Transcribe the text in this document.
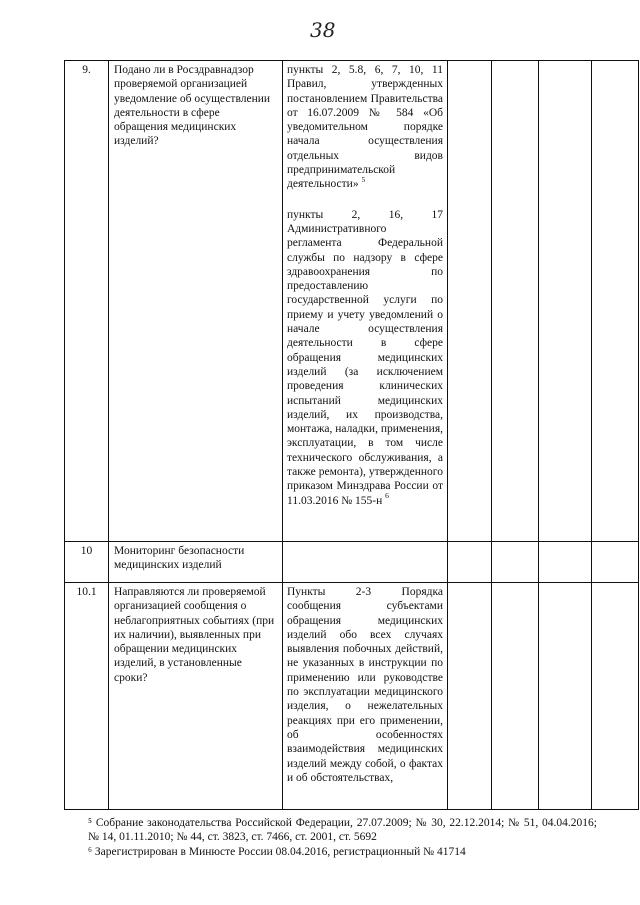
38
9.	Подано ли в Росздравнадзор проверяемой организацией уведомление об осуществлении деятельности в сфере обращения медицинских изделий?	пункты 2, 5.8, 6, 7, 10, 11 Правил, утвержденных постановлением Правительства от 16.07.2009 № 584 «Об уведомительном порядке начала осуществления отдельных видов предпринимательской деятельности» $^5$

пункты 2, 16, 17 Административного регламента Федеральной службы по надзору в сфере здравоохранения по предоставлению государственной услуги по приему и учету уведомлений о начале осуществления деятельности в сфере обращения медицинских изделий (за исключением проведения клинических испытаний медицинских изделий, их производства, монтажа, наладки, применения, эксплуатации, в том числе технического обслуживания, а также ремонта), утвержденного приказом Минздрава России от 11.03.2016 № 155-н $^6$

10	Мониторинг безопасности медицинских изделий					
10.1	Направляются ли проверяемой организацией сообщения о неблагоприятных событиях (при их наличии), выявленных при обращении медицинских изделий, в установленные сроки?	Пункты 2-3 Порядка сообщения субъектами обращения медицинских изделий обо всех случаях выявления побочных действий, не указанных в инструкции по применению или руководстве по эксплуатации медицинского изделия, о нежелательных реакциях при его применении, об особенностях взаимодействия медицинских изделий между собой, о фактах и об обстоятельствах,				

⁵ Собрание законодательства Российской Федерации, 27.07.2009; № 30, 22.12.2014; № 51, 04.04.2016; № 14, 01.11.2010; № 44, ст. 3823, ст. 7466, ст. 2001, ст. 5692

⁶ Зарегистрирован в Минюсте России 08.04.2016, регистрационный № 41714
